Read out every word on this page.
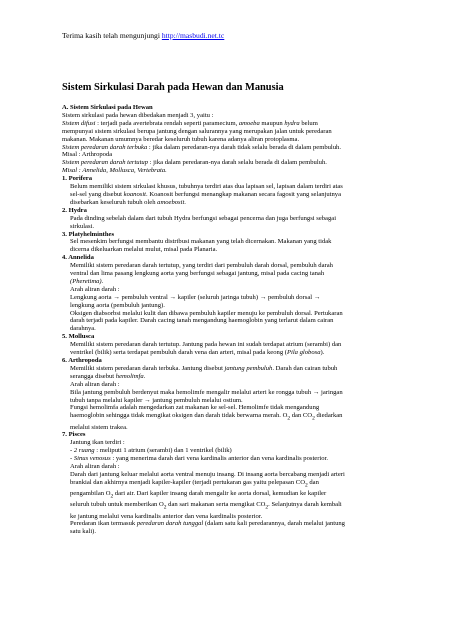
Terima kasih telah mengunjungi http://masbudi.net.tc
Sistem Sirkulasi Darah pada Hewan dan Manusia

A. Sistem Sirkulasi pada Hewan

Sistem sirkulasi pada hewan dibedakan menjadi 3, yaitu :

Sistem difusi : terjadi pada avertebrata rendah seperti paramecium, amoeba maupun hydra belum

mempunyai sistem sirkulasi berupa jantung dengan salurannya yang merupakan jalan untuk peredaran

makanan. Makanan umumnya beredar keseluruh tubuh karena adanya aliran protoplasma.

Sistem peredaran darah terbuka : jika dalam peredaran-nya darah tidak selalu berada di dalam pembuluh.

Misal : Arthropoda

Sistem peredaran darah tertutup : jika dalam peredaran-nya darah selalu berada di dalam pembuluh.

Misal : Annelida, Mollusca, Vertebrata.

1. Porifera

Belum memiliki sistem sirkulasi khusus, tubuhnya terdiri atas dua lapisan sel, lapisan dalam terdiri atas

sel-sel yang disebut koanosit. Koanosit berfungsi menangkap makanan secara fagosit yang selanjutnya

disebarkan keseluruh tubuh oleh amoebosit.

2. Hydra

Pada dinding sebelah dalam dari tubuh Hydra berfungsi sebagai pencerna dan juga berfungsi sebagai

sirkulasi.

3. Platyhelminthes

Sel mesenkim berfungsi membantu distribusi makanan yang telah dicernakan. Makanan yang tidak

dicerna dikeluarkan melalui mulut, misal pada Planaria.

4. Annelida

Memiliki sistem peredaran darah tertutup, yang terdiri dari pembuluh darah dorsal, pembuluh darah

ventral dan lima pasang lengkung aorta yang berfungsi sebagai jantung, misal pada cacing tanah

(Pheretima).

Arah aliran darah :

Lengkung aorta → pembuluh ventral → kapiler (seluruh jaringa tubuh) → pembuluh dorsal →

lengkung aorta (pembuluh jantung).

Oksigen diabsorbsi melalui kulit dan dibawa pembuluh kapiler menuju ke pembuluh dorsal. Pertukaran

darah terjadi pada kapiler. Darah cacing tanah mengandung haemoglobin yang terlarut dalam cairan

darahnya.

5. Mollusca

Memiliki sistem peredaran darah tertutup. Jantung pada hewan ini sudah terdapat atrium (serambi) dan

ventrikel (bilik) serta terdapat pembuluh darah vena dan arteri, misal pada keong (Pila globosa).

6. Arthropoda

Memiliki sistem peredaran darah terbuka. Jantung disebut jantung pembuluh. Darah dan cairan tubuh

serangga disebut hemolimfa.

Arah aliran darah :

Bila jantung pembuluh berdenyut maka hemolimfe mengalir melalui arteri ke rongga tubuh → jaringan

tubuh tanpa melalui kapiler → jantung pembuluh melalui ostium.

Fungsi hemolimfa adalah mengedarkan zat makanan ke sel-sel. Hemolimfe tidak mengandung

haemoglobin sehingga tidak mengikat oksigen dan darah tidak berwarna merah. $O_2$ dan $CO_2$ diedarkan

melalui sistem trakea.

7. Pisces

Jantung ikan terdiri :

- 2 ruang : meliputi 1 atrium (serambi) dan 1 ventrikel (bilik)

- Sinus venosus : yang menerima darah dari vena kardinalis anterior dan vena kardinalis posterior.

Arah aliran darah :

Darah dari jantung keluar melalui aorta ventral menuju insang. Di insang aorta bercabang menjadi arteri

brankial dan akhirnya menjadi kapiler-kapiler (terjadi pertukaran gas yaitu pelepasan $CO_2$ dan

pengambilan $O_2$ dari air. Dari kapiler insang darah mengalir ke aorta dorsal, kemudian ke kapiler

seluruh tubuh untuk memberikan $O_2$ dan sari makanan serta mengikat $CO_2$. Selanjutnya darah kembali

ke jantung melalui vena kardinalis anterior dan vena kardinalis posterior.

Peredaran ikan termasuk peredaran darah tunggal (dalam satu kali peredarannya, darah melalui jantung

satu kali).
